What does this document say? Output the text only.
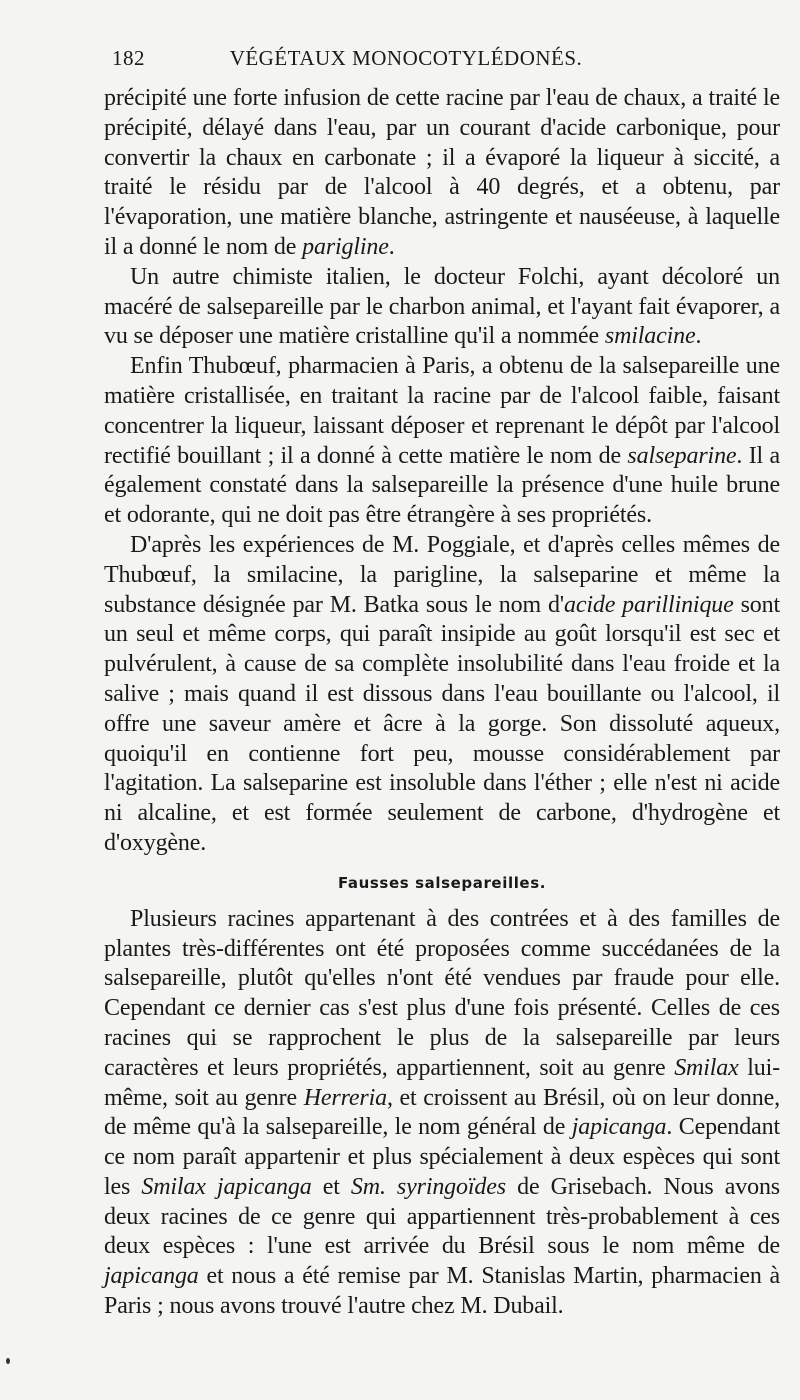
182	VÉGÉTAUX MONOCOTYLÉDONÉS.

précipité une forte infusion de cette racine par l'eau de chaux, a traité le précipité, délayé dans l'eau, par un courant d'acide carbonique, pour convertir la chaux en carbonate ; il a évaporé la liqueur à siccité, a traité le résidu par de l'alcool à 40 degrés, et a obtenu, par l'évaporation, une matière blanche, astringente et nauséeuse, à laquelle il a donné le nom de parigline.

Un autre chimiste italien, le docteur Folchi, ayant décoloré un macéré de salsepareille par le charbon animal, et l'ayant fait évaporer, a vu se déposer une matière cristalline qu'il a nommée smilacine.

Enfin Thubœuf, pharmacien à Paris, a obtenu de la salsepareille une matière cristallisée, en traitant la racine par de l'alcool faible, faisant concentrer la liqueur, laissant déposer et reprenant le dépôt par l'alcool rectifié bouillant ; il a donné à cette matière le nom de salseparine. Il a également constaté dans la salsepareille la présence d'une huile brune et odorante, qui ne doit pas être étrangère à ses propriétés.

D'après les expériences de M. Poggiale, et d'après celles mêmes de Thubœuf, la smilacine, la parigline, la salseparine et même la substance désignée par M. Batka sous le nom d'acide parillinique sont un seul et même corps, qui paraît insipide au goût lorsqu'il est sec et pulvérulent, à cause de sa complète insolubilité dans l'eau froide et la salive ; mais quand il est dissous dans l'eau bouillante ou l'alcool, il offre une saveur amère et âcre à la gorge. Son dissoluté aqueux, quoiqu'il en contienne fort peu, mousse considérablement par l'agitation. La salseparine est insoluble dans l'éther ; elle n'est ni acide ni alcaline, et est formée seulement de carbone, d'hydrogène et d'oxygène.

Fausses salsepareilles.

Plusieurs racines appartenant à des contrées et à des familles de plantes très-différentes ont été proposées comme succédanées de la salsepareille, plutôt qu'elles n'ont été vendues par fraude pour elle. Cependant ce dernier cas s'est plus d'une fois présenté. Celles de ces racines qui se rapprochent le plus de la salsepareille par leurs caractères et leurs propriétés, appartiennent, soit au genre Smilax lui-même, soit au genre Herreria, et croissent au Brésil, où on leur donne, de même qu'à la salsepareille, le nom général de japicanga. Cependant ce nom paraît appartenir et plus spécialement à deux espèces qui sont les Smilax japicanga et Sm. syringoïdes de Grisebach. Nous avons deux racines de ce genre qui appartiennent très-probablement à ces deux espèces : l'une est arrivée du Brésil sous le nom même de japicanga et nous a été remise par M. Stanislas Martin, pharmacien à Paris ; nous avons trouvé l'autre chez M. Dubail.
